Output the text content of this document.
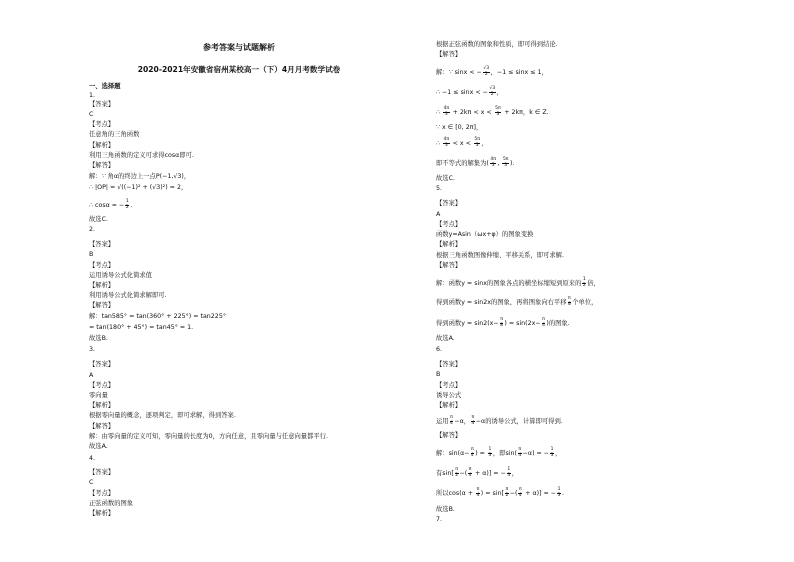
参考答案与试题解析
2020-2021年安徽省宿州某校高一（下）4月月考数学试卷
一、选择题
1.
【答案】
C
【考点】
任意角的三角函数
【解析】
利用三角函数的定义可求得cosα即可.
【解答】
解：∵ 角α的终边上一点P(−1,√3)，
∴ |OP| = √((−1)² + (√3)²) = 2，
∴ cosα = − $\frac{1}{2}$ .
故选C.
2.
【答案】
B
【考点】
运用诱导公式化简求值
【解析】
利用诱导公式化简求解即可.
【解答】
解：tan585° = tan(360° + 225°) = tan225°
= tan(180° + 45°) = tan45° = 1.
故选B.
3.
【答案】
A
【考点】
零向量
【解析】
根据零向量的概念，逐项判定，即可求解，得到答案.
【解答】
解：由零向量的定义可知，零向量的长度为0，方向任意，且零向量与任意向量都平行.
故选A.
4.
【答案】
C
【考点】
正弦函数的图象
【解析】
根据正弦函数的图象和性质，即可得到结论.
【解答】
解：∵ sinx < − $\frac{√3}{2}$ ，−1 ≤ sinx ≤ 1，
∴ −1 ≤ sinx < − $\frac{√3}{2}$ ，
∴ $\frac{4\pi}{3} + 2k\pi < x < \frac{5\pi}{3} + 2k\pi$，k ∈ Z.
∵ x ∈ [0, 2π]，
∴ $\frac{4\pi}{3} < x < \frac{5\pi}{3}$ ，
即不等式的解集为( $\frac{4\pi}{3}$ , $\frac{5\pi}{3}$ ).
故选C.
5.
【答案】
A
【考点】
函数y=Asin（ωx+φ）的图象变换
【解析】
根据三角函数图像伸缩、平移关系，即可求解.
【解答】
解：函数y = sinx的图象各点的横坐标缩短到原来的 $\frac{1}{2}$ 倍，
得到函数y = sin2x的图象，再将图象向右平移 $\frac{\pi}{8}$ 个单位，
得到函数$y = \sin 2(x- \frac{\pi}{8}$ ) = $\sin(2x- \frac{\pi}{4}$ )的图象.
故选A.
6.
【答案】
B
【考点】
诱导公式
【解析】
运用 $\frac{\pi}{4} -\alpha$， $\frac{\pi}{4} -\alpha$的诱导公式，计算即可得到.
【解答】
解：$\sin(\alpha- \frac{\pi}{4}$ ) = $\frac{1}{3}$ ，即$\sin( \frac{\pi}{4} -\alpha)$ = − $\frac{1}{3}$ ，
有$\sin[ \frac{\pi}{2}$ −( $\frac{\pi}{4} + \alpha$)] = − $\frac{1}{3}$ ，
所以$\cos(\alpha + \frac{\pi}{4}$ ) = $\sin[ \frac{\pi}{2}$ −( $\frac{\pi}{4} + \alpha$)] = − $\frac{1}{3}$ .
故选B.
7.
